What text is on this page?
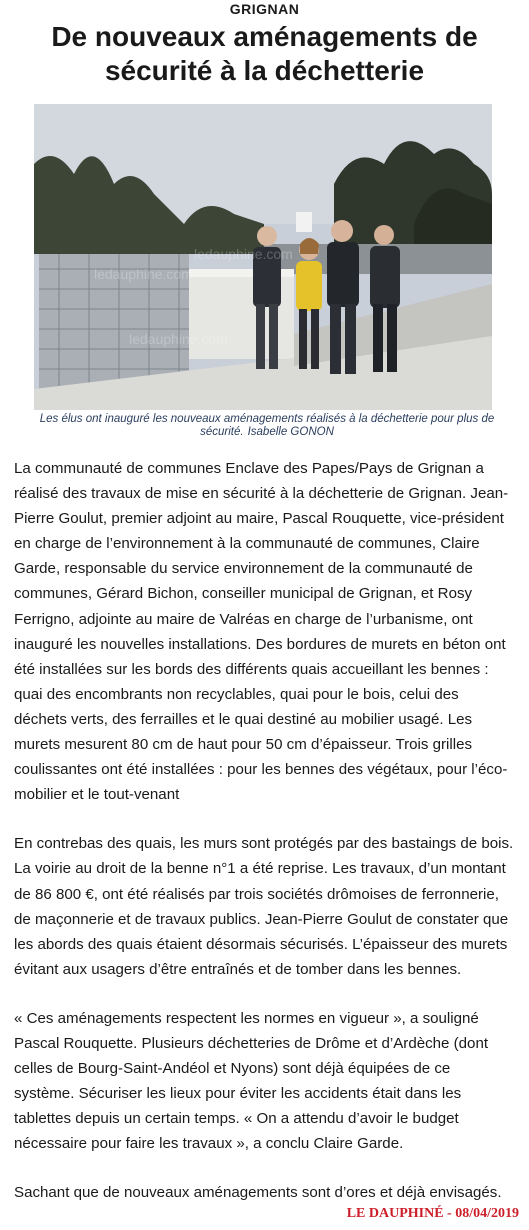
GRIGNAN
De nouveaux aménagements de sécurité à la déchetterie
ledauphine.com
ledauphine.com
ledauphine.com
Les élus ont inauguré les nouveaux aménagements réalisés à la déchetterie pour plus de sécurité. Isabelle GONON

La communauté de communes Enclave des Papes/Pays de Grignan a réalisé des travaux de mise en sécurité à la déchetterie de Grignan. Jean-Pierre Goulut, premier adjoint au maire, Pascal Rouquette, vice-président en charge de l’environnement à la communauté de communes, Claire Garde, responsable du service environnement de la communauté de communes, Gérard Bichon, conseiller municipal de Grignan, et Rosy Ferrigno, adjointe au maire de Valréas en charge de l’urbanisme, ont inauguré les nouvelles installations. Des bordures de murets en béton ont été installées sur les bords des différents quais accueillant les bennes : quai des encombrants non recyclables, quai pour le bois, celui des déchets verts, des ferrailles et le quai destiné au mobilier usagé. Les murets mesurent 80 cm de haut pour 50 cm d’épaisseur. Trois grilles coulissantes ont été installées : pour les bennes des végétaux, pour l’éco-mobilier et le tout-venant

En contrebas des quais, les murs sont protégés par des bastaings de bois. La voirie au droit de la benne n°1 a été reprise. Les travaux, d’un montant de 86 800 €, ont été réalisés par trois sociétés drômoises de ferronnerie, de maçonnerie et de travaux publics. Jean-Pierre Goulut de constater que les abords des quais étaient désormais sécurisés. L’épaisseur des murets évitant aux usagers d’être entraînés et de tomber dans les bennes.

« Ces aménagements respectent les normes en vigueur », a souligné Pascal Rouquette. Plusieurs déchetteries de Drôme et d’Ardèche (dont celles de Bourg-Saint-Andéol et Nyons) sont déjà équipées de ce système. Sécuriser les lieux pour éviter les accidents était dans les tablettes depuis un certain temps. « On a attendu d’avoir le budget nécessaire pour faire les travaux », a conclu Claire Garde.

Sachant que de nouveaux aménagements sont d’ores et déjà envisagés.

LE DAUPHINÉ - 08/04/2019
